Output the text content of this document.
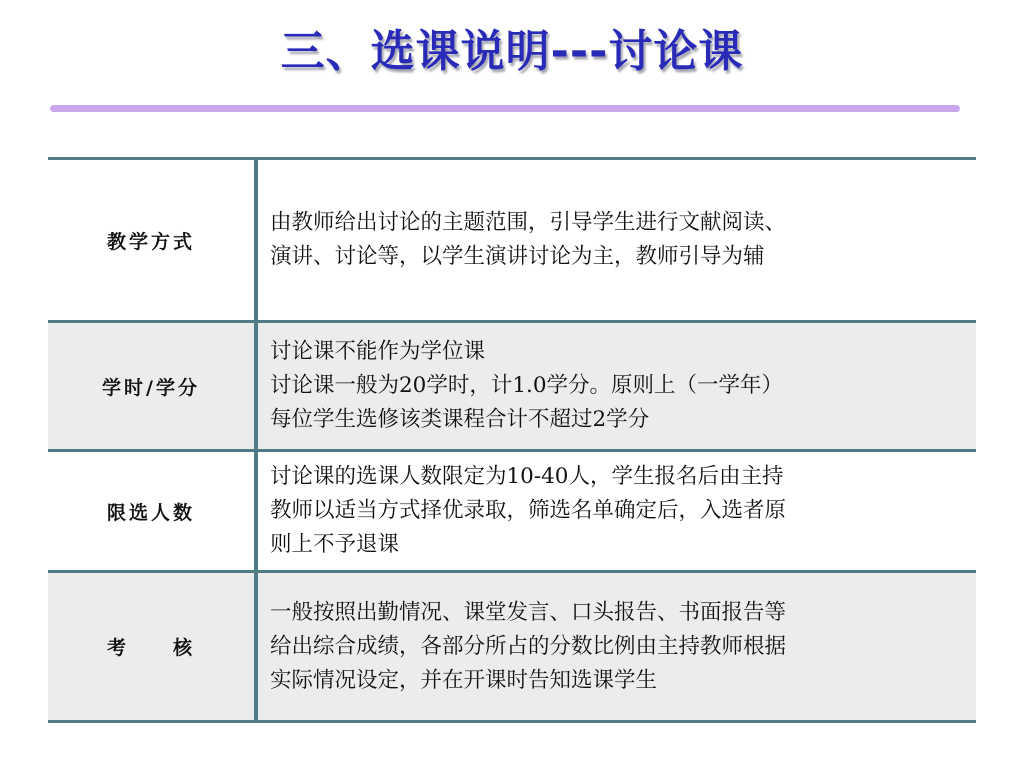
三、选课说明---讨论课
教学方式
由教师给出讨论的主题范围，引导学生进行文献阅读、
演讲、讨论等，以学生演讲讨论为主，教师引导为辅
学时/学分
讨论课不能作为学位课
讨论课一般为20学时，计1.0学分。原则上（一学年）
每位学生选修该类课程合计不超过2学分
限选人数
讨论课的选课人数限定为10-40人，学生报名后由主持
教师以适当方式择优录取，筛选名单确定后，入选者原
则上不予退课
考　　核
一般按照出勤情况、课堂发言、口头报告、书面报告等
给出综合成绩，各部分所占的分数比例由主持教师根据
实际情况设定，并在开课时告知选课学生
